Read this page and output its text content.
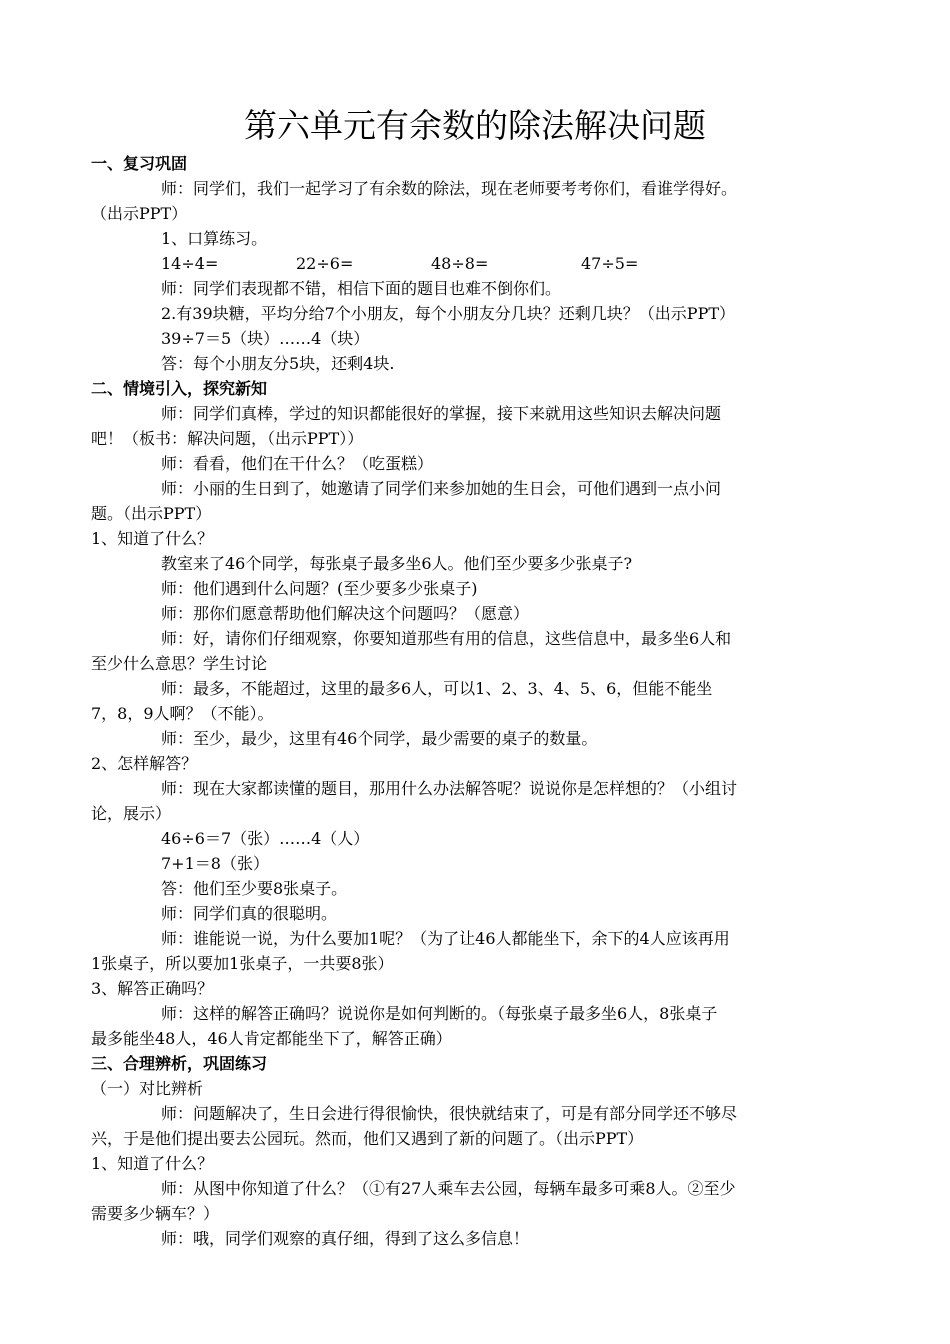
第六单元有余数的除法解决问题
一、复习巩固
师：同学们，我们一起学习了有余数的除法，现在老师要考考你们，看谁学得好。
（出示PPT）
1、口算练习。
14÷4=	22÷6=	48÷8=	47÷5=
师：同学们表现都不错，相信下面的题目也难不倒你们。
2.有39块糖，平均分给7个小朋友，每个小朋友分几块？还剩几块？（出示PPT）
39÷7＝5（块）……4（块）
答：每个小朋友分5块，还剩4块.
二、情境引入，探究新知
师：同学们真棒，学过的知识都能很好的掌握，接下来就用这些知识去解决问题
吧！（板书：解决问题，（出示PPT））
师：看看，他们在干什么？（吃蛋糕）
师：小丽的生日到了，她邀请了同学们来参加她的生日会，可他们遇到一点小问
题。（出示PPT）
1、知道了什么？
教室来了46个同学，每张桌子最多坐6人。他们至少要多少张桌子?
师：他们遇到什么问题？(至少要多少张桌子)
师：那你们愿意帮助他们解决这个问题吗？（愿意）
师：好，请你们仔细观察，你要知道那些有用的信息，这些信息中，最多坐6人和
至少什么意思？学生讨论
师：最多，不能超过，这里的最多6人，可以1、2、3、4、5、6，但能不能坐
7，8，9人啊？（不能）。
师：至少，最少，这里有46个同学，最少需要的桌子的数量。
2、怎样解答？
师：现在大家都读懂的题目，那用什么办法解答呢？说说你是怎样想的？（小组讨
论，展示）
46÷6＝7（张）……4（人）
7+1＝8（张）
答：他们至少要8张桌子。
师：同学们真的很聪明。
师：谁能说一说，为什么要加1呢？（为了让46人都能坐下，余下的4人应该再用
1张桌子，所以要加1张桌子，一共要8张）
3、解答正确吗？
师：这样的解答正确吗？说说你是如何判断的。（每张桌子最多坐6人，8张桌子
最多能坐48人，46人肯定都能坐下了，解答正确）
三、合理辨析，巩固练习
（一）对比辨析
师：问题解决了，生日会进行得很愉快，很快就结束了，可是有部分同学还不够尽
兴，于是他们提出要去公园玩。然而，他们又遇到了新的问题了。（出示PPT）
1、知道了什么？
师：从图中你知道了什么？（①有27人乘车去公园，每辆车最多可乘8人。②至少
需要多少辆车？）
师：哦，同学们观察的真仔细，得到了这么多信息！
